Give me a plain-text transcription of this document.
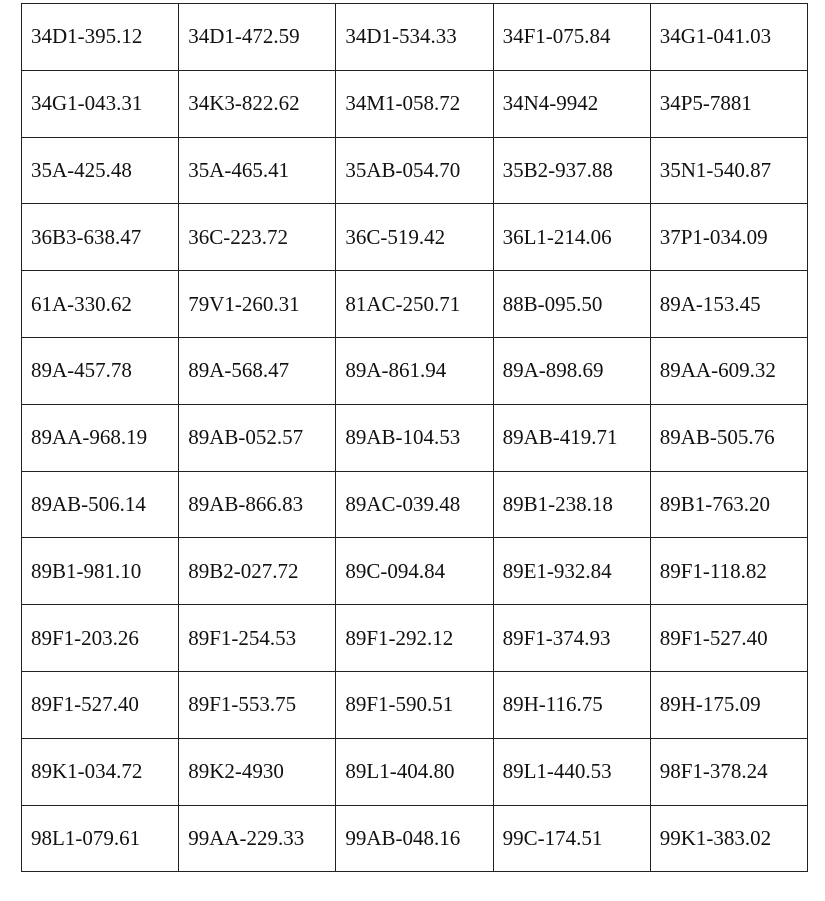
34D1-395.12	34D1-472.59	34D1-534.33	34F1-075.84	34G1-041.03
34G1-043.31	34K3-822.62	34M1-058.72	34N4-9942	34P5-7881
35A-425.48	35A-465.41	35AB-054.70	35B2-937.88	35N1-540.87
36B3-638.47	36C-223.72	36C-519.42	36L1-214.06	37P1-034.09
61A-330.62	79V1-260.31	81AC-250.71	88B-095.50	89A-153.45
89A-457.78	89A-568.47	89A-861.94	89A-898.69	89AA-609.32
89AA-968.19	89AB-052.57	89AB-104.53	89AB-419.71	89AB-505.76
89AB-506.14	89AB-866.83	89AC-039.48	89B1-238.18	89B1-763.20
89B1-981.10	89B2-027.72	89C-094.84	89E1-932.84	89F1-118.82
89F1-203.26	89F1-254.53	89F1-292.12	89F1-374.93	89F1-527.40
89F1-527.40	89F1-553.75	89F1-590.51	89H-116.75	89H-175.09
89K1-034.72	89K2-4930	89L1-404.80	89L1-440.53	98F1-378.24
98L1-079.61	99AA-229.33	99AB-048.16	99C-174.51	99K1-383.02
